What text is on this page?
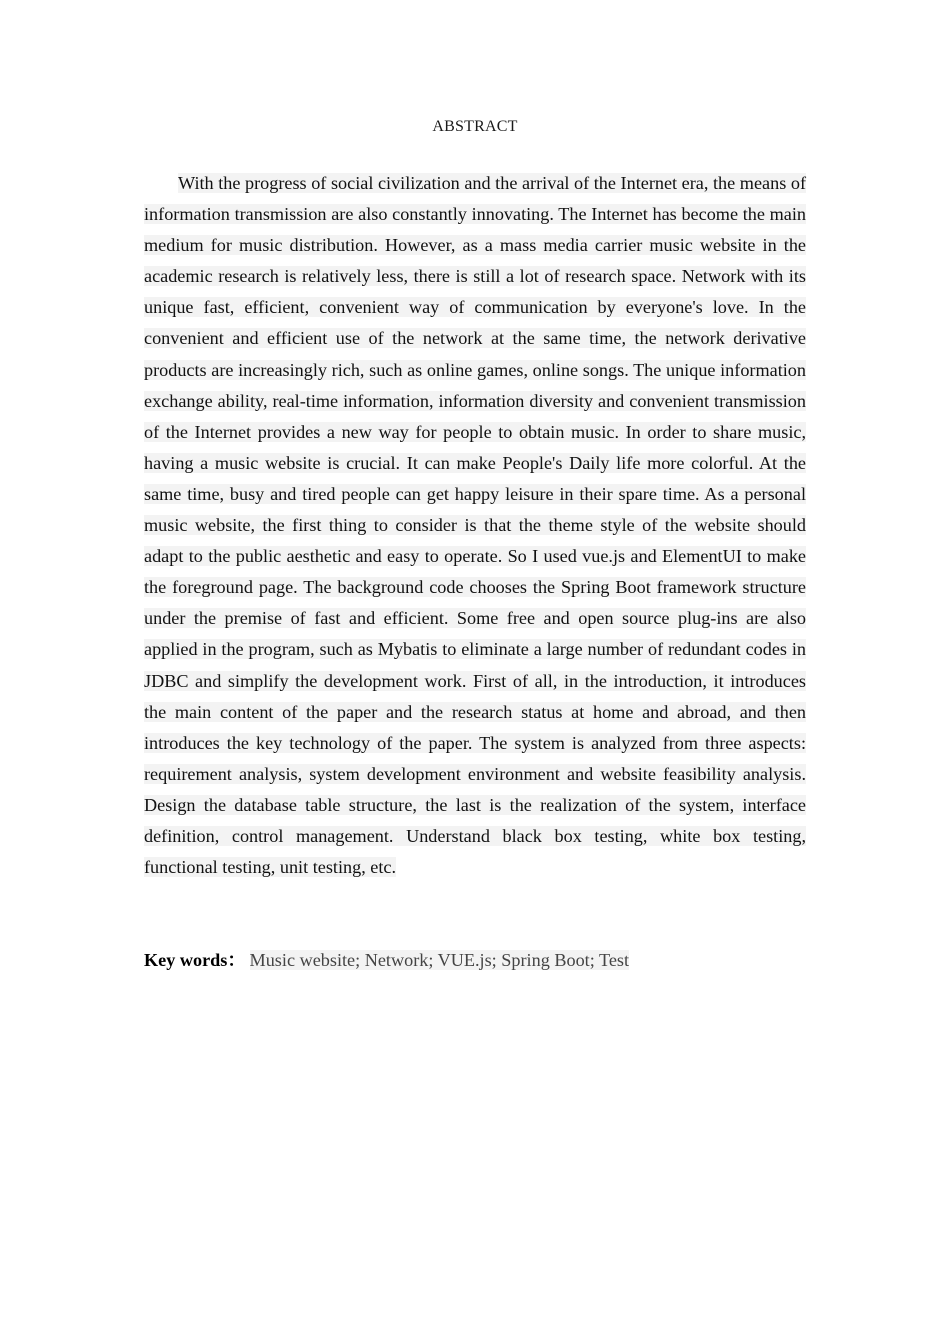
ABSTRACT

With the progress of social civilization and the arrival of the Internet era, the means of information transmission are also constantly innovating. The Internet has become the main medium for music distribution. However, as a mass media carrier music website in the academic research is relatively less, there is still a lot of research space. Network with its unique fast, efficient, convenient way of communication by everyone's love. In the convenient and efficient use of the network at the same time, the network derivative products are increasingly rich, such as online games, online songs. The unique information exchange ability, real-time information, information diversity and convenient transmission of the Internet provides a new way for people to obtain music. In order to share music, having a music website is crucial. It can make People's Daily life more colorful. At the same time, busy and tired people can get happy leisure in their spare time. As a personal music website, the first thing to consider is that the theme style of the website should adapt to the public aesthetic and easy to operate. So I used vue.js and ElementUI to make the foreground page. The background code chooses the Spring Boot framework structure under the premise of fast and efficient. Some free and open source plug-ins are also applied in the program, such as Mybatis to eliminate a large number of redundant codes in JDBC and simplify the development work. First of all, in the introduction, it introduces the main content of the paper and the research status at home and abroad, and then introduces the key technology of the paper. The system is analyzed from three aspects: requirement analysis, system development environment and website feasibility analysis. Design the database table structure, the last is the realization of the system, interface definition, control management. Understand black box testing, white box testing, functional testing, unit testing, etc.

Key words： Music website; Network; VUE.js; Spring Boot; Test
